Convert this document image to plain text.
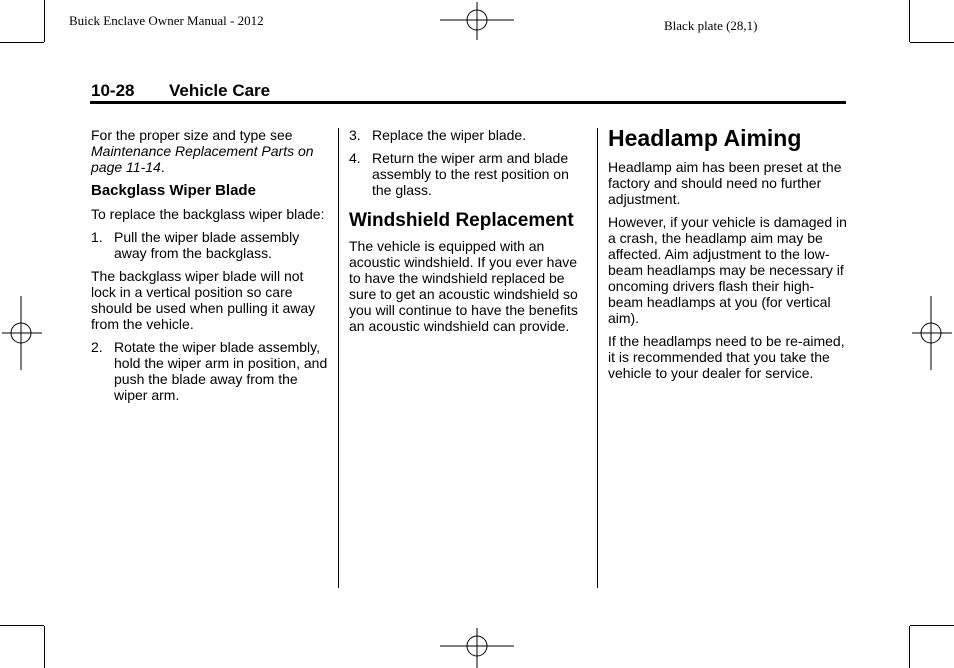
Buick Enclave Owner Manual - 2012	Black plate (28,1)
10-28 Vehicle Care

For the proper size and type see Maintenance Replacement Parts on page 11-14.

Backglass Wiper Blade

To replace the backglass wiper blade:

1. Pull the wiper blade assembly away from the backglass.

The backglass wiper blade will not lock in a vertical position so care should be used when pulling it away from the vehicle.

2. Rotate the wiper blade assembly, hold the wiper arm in position, and push the blade away from the wiper arm.
3. Replace the wiper blade.
4. Return the wiper arm and blade assembly to the rest position on the glass.
Windshield Replacement

The vehicle is equipped with an acoustic windshield. If you ever have to have the windshield replaced be sure to get an acoustic windshield so you will continue to have the benefits an acoustic windshield can provide.

Headlamp Aiming

Headlamp aim has been preset at the factory and should need no further adjustment.

However, if your vehicle is damaged in a crash, the headlamp aim may be affected. Aim adjustment to the low-beam headlamps may be necessary if oncoming drivers flash their high-beam headlamps at you (for vertical aim).

If the headlamps need to be re-aimed, it is recommended that you take the vehicle to your dealer for service.
